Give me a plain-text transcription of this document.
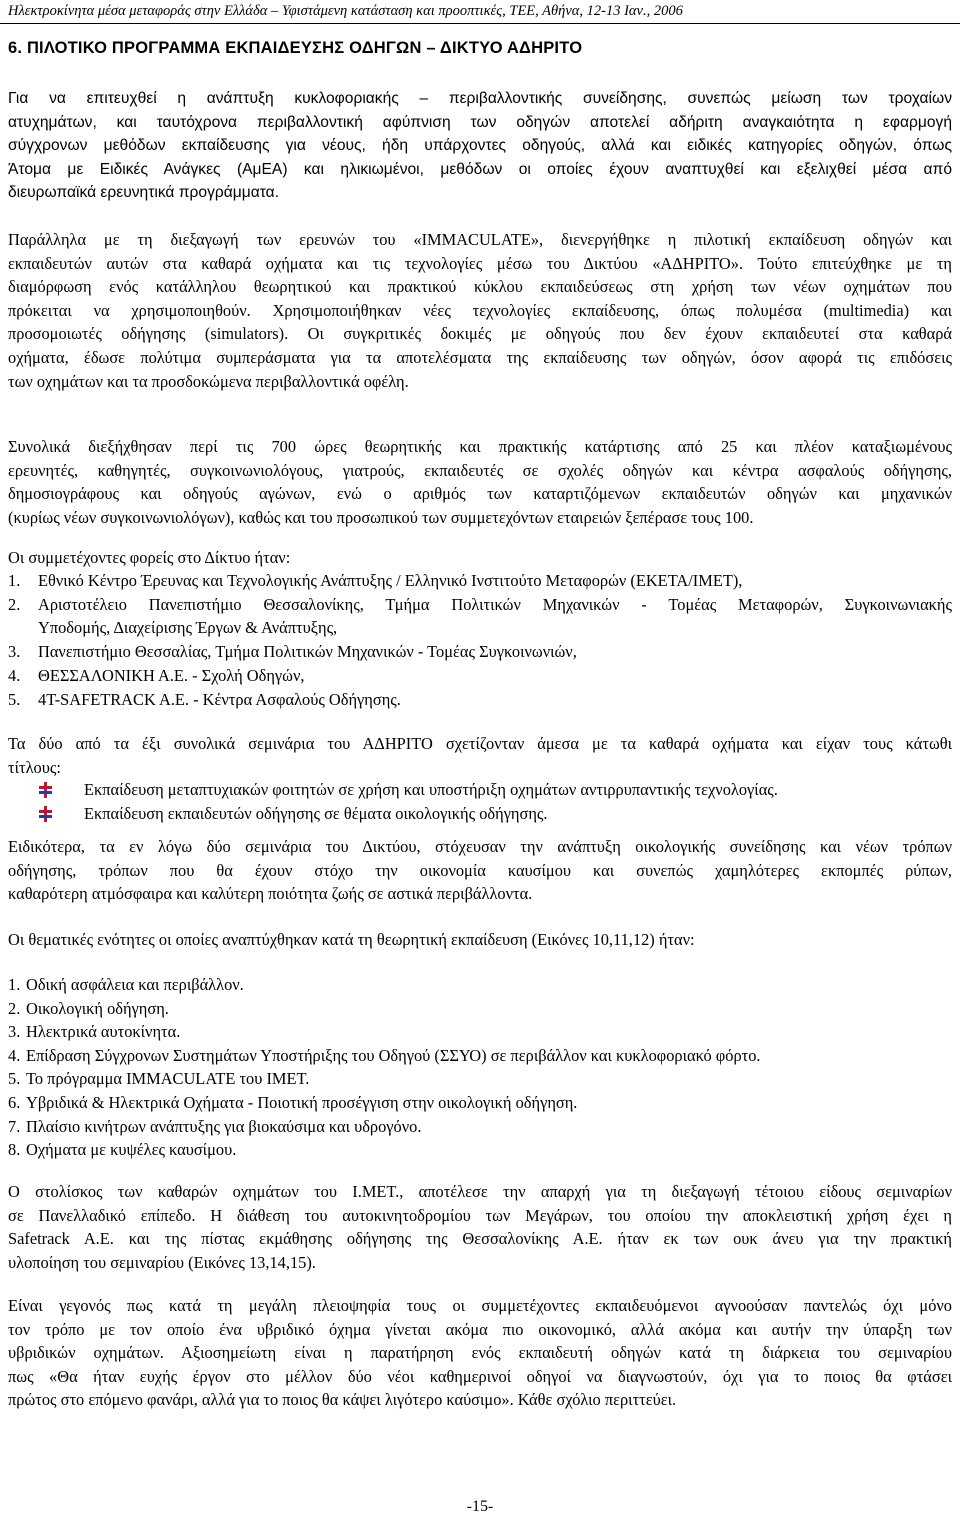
Ηλεκτροκίνητα μέσα μεταφοράς στην Ελλάδα – Υφιστάμενη κατάσταση και προοπτικές, ΤΕΕ, Αθήνα, 12-13 Ιαν., 2006
6. ΠΙΛΟΤΙΚΟ ΠΡΟΓΡΑΜΜΑ ΕΚΠΑΙΔΕΥΣΗΣ ΟΔΗΓΩΝ – ΔΙΚΤΥΟ ΑΔΗΡΙΤΟ
Για να επιτευχθεί η ανάπτυξη κυκλοφοριακής – περιβαλλοντικής συνείδησης, συνεπώς μείωση των τροχαίων
ατυχημάτων, και ταυτόχρονα περιβαλλοντική αφύπνιση των οδηγών αποτελεί αδήριτη αναγκαιότητα η εφαρμογή
σύγχρονων μεθόδων εκπαίδευσης για νέους, ήδη υπάρχοντες οδηγούς, αλλά και ειδικές κατηγορίες οδηγών, όπως
Άτομα με Ειδικές Ανάγκες (ΑμΕΑ) και ηλικιωμένοι, μεθόδων οι οποίες έχουν αναπτυχθεί και εξελιχθεί μέσα από
διευρωπαϊκά ερευνητικά προγράμματα.
Παράλληλα με τη διεξαγωγή των ερευνών του «IMMACULATE», διενεργήθηκε η πιλοτική εκπαίδευση οδηγών και
εκπαιδευτών αυτών στα καθαρά οχήματα και τις τεχνολογίες μέσω του Δικτύου «ΑΔΗΡΙΤΟ». Τούτο επιτεύχθηκε με τη
διαμόρφωση ενός κατάλληλου θεωρητικού και πρακτικού κύκλου εκπαιδεύσεως στη χρήση των νέων οχημάτων που
πρόκειται να χρησιμοποιηθούν. Χρησιμοποιήθηκαν νέες τεχνολογίες εκπαίδευσης, όπως πολυμέσα (multimedia) και
προσομοιωτές οδήγησης (simulators). Οι συγκριτικές δοκιμές με οδηγούς που δεν έχουν εκπαιδευτεί στα καθαρά
οχήματα, έδωσε πολύτιμα συμπεράσματα για τα αποτελέσματα της εκπαίδευσης των οδηγών, όσον αφορά τις επιδόσεις
των οχημάτων και τα προσδοκώμενα περιβαλλοντικά οφέλη.
Συνολικά διεξήχθησαν περί τις 700 ώρες θεωρητικής και πρακτικής κατάρτισης από 25 και πλέον καταξιωμένους
ερευνητές, καθηγητές, συγκοινωνιολόγους, γιατρούς, εκπαιδευτές σε σχολές οδηγών και κέντρα ασφαλούς οδήγησης,
δημοσιογράφους και οδηγούς αγώνων, ενώ ο αριθμός των καταρτιζόμενων εκπαιδευτών οδηγών και μηχανικών
(κυρίως νέων συγκοινωνιολόγων), καθώς και του προσωπικού των συμμετεχόντων εταιρειών ξεπέρασε τους 100.
Οι συμμετέχοντες φορείς στο Δίκτυο ήταν:
1. Εθνικό Κέντρο Έρευνας και Τεχνολογικής Ανάπτυξης / Ελληνικό Ινστιτούτο Μεταφορών (ΕΚΕΤΑ/ΙΜΕΤ),
2. Αριστοτέλειο Πανεπιστήμιο Θεσσαλονίκης, Τμήμα Πολιτικών Μηχανικών - Τομέας Μεταφορών, Συγκοινωνιακής
Υποδομής, Διαχείρισης Έργων & Ανάπτυξης,
3. Πανεπιστήμιο Θεσσαλίας, Τμήμα Πολιτικών Μηχανικών - Τομέας Συγκοινωνιών,
4. ΘΕΣΣΑΛΟΝΙΚΗ Α.Ε. - Σχολή Οδηγών,
5. 4T-SAFETRACK A.E. - Κέντρα Ασφαλούς Οδήγησης.
Τα δύο από τα έξι συνολικά σεμινάρια του ΑΔΗΡΙΤΟ σχετίζονταν άμεσα με τα καθαρά οχήματα και είχαν τους κάτωθι
τίτλους:
Εκπαίδευση μεταπτυχιακών φοιτητών σε χρήση και υποστήριξη οχημάτων αντιρρυπαντικής τεχνολογίας.
Εκπαίδευση εκπαιδευτών οδήγησης σε θέματα οικολογικής οδήγησης.
Ειδικότερα, τα εν λόγω δύο σεμινάρια του Δικτύου, στόχευσαν την ανάπτυξη οικολογικής συνείδησης και νέων τρόπων
οδήγησης, τρόπων που θα έχουν στόχο την οικονομία καυσίμου και συνεπώς χαμηλότερες εκπομπές ρύπων,
καθαρότερη ατμόσφαιρα και καλύτερη ποιότητα ζωής σε αστικά περιβάλλοντα.
Οι θεματικές ενότητες οι οποίες αναπτύχθηκαν κατά τη θεωρητική εκπαίδευση (Εικόνες 10,11,12) ήταν:
1. Οδική ασφάλεια και περιβάλλον.
2. Οικολογική οδήγηση.
3. Ηλεκτρικά αυτοκίνητα.
4. Επίδραση Σύγχρονων Συστημάτων Υποστήριξης του Οδηγού (ΣΣΥΟ) σε περιβάλλον και κυκλοφοριακό φόρτο.
5. Το πρόγραμμα IMMACULATE του ΙΜΕΤ.
6. Υβριδικά & Ηλεκτρικά Οχήματα - Ποιοτική προσέγγιση στην οικολογική οδήγηση.
7. Πλαίσιο κινήτρων ανάπτυξης για βιοκαύσιμα και υδρογόνο.
8. Οχήματα με κυψέλες καυσίμου.
Ο στολίσκος των καθαρών οχημάτων του Ι.ΜΕΤ., αποτέλεσε την απαρχή για τη διεξαγωγή τέτοιου είδους σεμιναρίων
σε Πανελλαδικό επίπεδο. Η διάθεση του αυτοκινητοδρομίου των Μεγάρων, του οποίου την αποκλειστική χρήση έχει η
Safetrack A.E. και της πίστας εκμάθησης οδήγησης της Θεσσαλονίκης Α.Ε. ήταν εκ των ουκ άνευ για την πρακτική
υλοποίηση του σεμιναρίου (Εικόνες 13,14,15).
Είναι γεγονός πως κατά τη μεγάλη πλειοψηφία τους οι συμμετέχοντες εκπαιδευόμενοι αγνοούσαν παντελώς όχι μόνο
τον τρόπο με τον οποίο ένα υβριδικό όχημα γίνεται ακόμα πιο οικονομικό, αλλά ακόμα και αυτήν την ύπαρξη των
υβριδικών οχημάτων. Αξιοσημείωτη είναι η παρατήρηση ενός εκπαιδευτή οδηγών κατά τη διάρκεια του σεμιναρίου
πως «Θα ήταν ευχής έργον στο μέλλον δύο νέοι καθημερινοί οδηγοί να διαγνωστούν, όχι για το ποιος θα φτάσει
πρώτος στο επόμενο φανάρι, αλλά για το ποιος θα κάψει λιγότερο καύσιμο». Κάθε σχόλιο περιττεύει.
-15-
